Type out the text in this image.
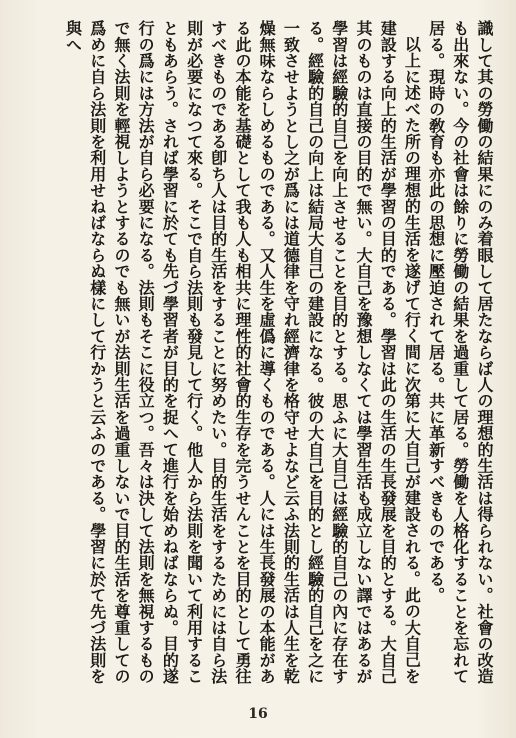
識して其の勞働の結果にのみ着眼して居たならば人の理想的生活は得られない。社會の改造も出來ない。今の社會は餘りに勞働の結果を過重して居る。勞働を人格化することを忘れて居る。現時の敎育も亦此の思想に壓迫されて居る。共に革新すべきものである。

以上に述べた所の理想的生活を遂げて行く間に次第に大自己が建設される。此の大自己を建設する向上的生活が學習の目的である。學習は此の生活の生長發展を目的とする。大自己其のものは直接の目的で無い。大自己を豫想しなくては學習生活も成立しない譯ではあるが學習は經驗的自己を向上させることを目的とする。思ふに大自己は經驗的自己の內に存在する。經驗的自己の向上は結局大自己の建設になる。彼の大自己を目的とし經驗的自己を之に一致させようとし之が爲には道德律を守れ經濟律を格守せよなど云ふ法則的生活は人生を乾燥無味ならしめるものである。又人生を虛僞に導くものである。人には生長發展の本能がある此の本能を基礎として我も人も相共に理性的社會的生存を完うせんことを目的として勇往すべきものである卽ち人は目的生活をすることに努めたい。目的生活をするためには自ら法則が必要になつて來る。そこで自ら法則も發見して行く。他人から法則を聞いて利用することもあらう。されば學習に於ても先づ學習者が目的を捉へて進行を始めねばならぬ。目的遂行の爲には方法が自ら必要になる。法則もそこに役立つ。吾々は決して法則を無視するもので無く法則を輕視しようとするのでも無いが法則生活を過重しないで目的生活を尊重しての爲めに自ら法則を利用せねばならぬ樣にして行かうと云ふのである。學習に於て先づ法則を與へ

16
